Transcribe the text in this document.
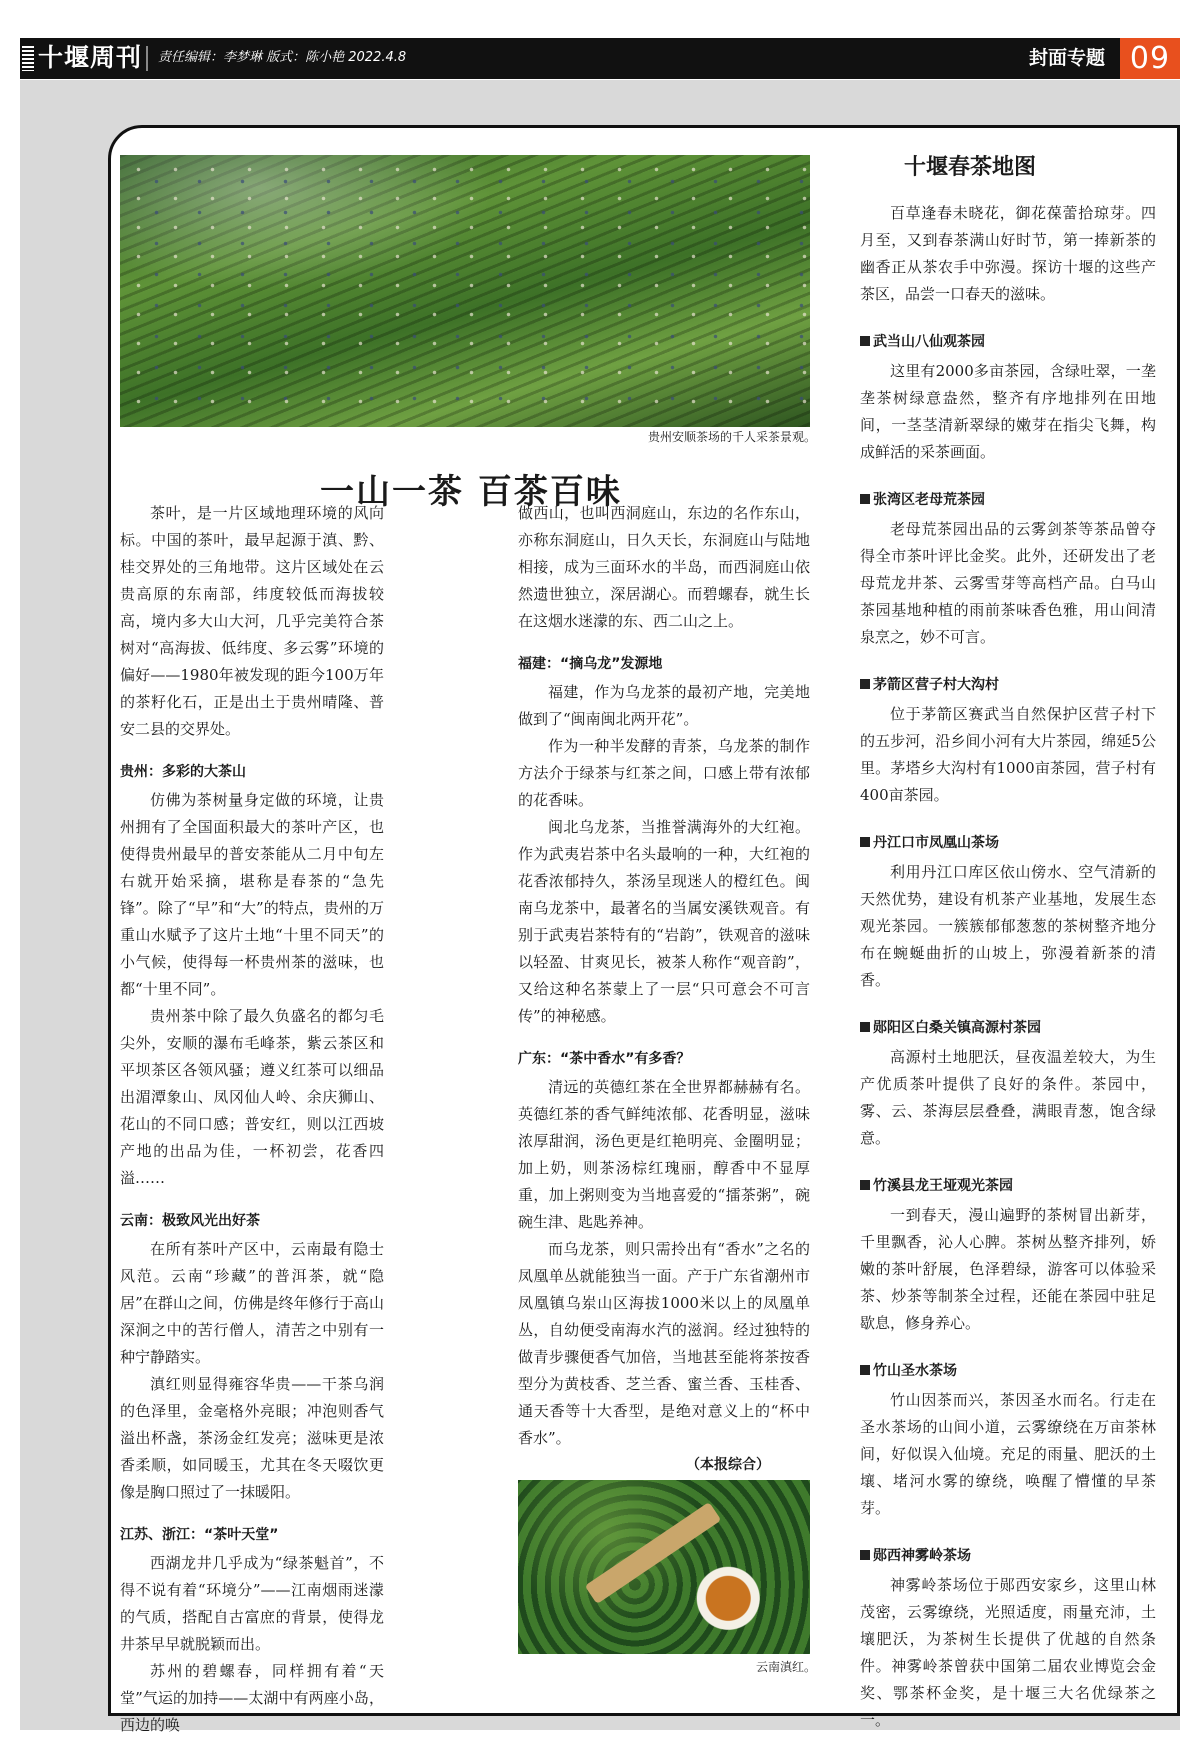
十堰周刊 责任编辑：李梦琳 版式：陈小艳 2022.4.8	封面专题 09
贵州安顺茶场的千人采茶景观。
一山一茶 百茶百味

茶叶，是一片区域地理环境的风向标。中国的茶叶，最早起源于滇、黔、桂交界处的三角地带。这片区域处在云贵高原的东南部，纬度较低而海拔较高，境内多大山大河，几乎完美符合茶树对“高海拔、低纬度、多云雾”环境的偏好——1980年被发现的距今100万年的茶籽化石，正是出土于贵州晴隆、普安二县的交界处。

贵州：多彩的大茶山

仿佛为茶树量身定做的环境，让贵州拥有了全国面积最大的茶叶产区，也使得贵州最早的普安茶能从二月中旬左右就开始采摘，堪称是春茶的“急先锋”。除了“早”和“大”的特点，贵州的万重山水赋予了这片土地“十里不同天”的小气候，使得每一杯贵州茶的滋味，也都“十里不同”。

贵州茶中除了最久负盛名的都匀毛尖外，安顺的瀑布毛峰茶，紫云茶区和平坝茶区各领风骚；遵义红茶可以细品出湄潭象山、凤冈仙人岭、余庆狮山、花山的不同口感；普安红，则以江西坡产地的出品为佳，一杯初尝，花香四溢……

云南：极致风光出好茶

在所有茶叶产区中，云南最有隐士风范。云南“珍藏”的普洱茶，就“隐居”在群山之间，仿佛是终年修行于高山深涧之中的苦行僧人，清苦之中别有一种宁静踏实。

滇红则显得雍容华贵——干茶乌润的色泽里，金毫格外亮眼；冲泡则香气溢出杯盏，茶汤金红发亮；滋味更是浓香柔顺，如同暖玉，尤其在冬天啜饮更像是胸口照过了一抹暖阳。

江苏、浙江：“茶叶天堂”

西湖龙井几乎成为“绿茶魁首”，不得不说有着“环境分”——江南烟雨迷濛的气质，搭配自古富庶的背景，使得龙井茶早早就脱颖而出。

苏州的碧螺春，同样拥有着“天堂”气运的加持——太湖中有两座小岛，西边的唤

做西山，也叫西洞庭山，东边的名作东山，亦称东洞庭山，日久天长，东洞庭山与陆地相接，成为三面环水的半岛，而西洞庭山依然遗世独立，深居湖心。而碧螺春，就生长在这烟水迷濛的东、西二山之上。

福建：“摘乌龙”发源地

福建，作为乌龙茶的最初产地，完美地做到了“闽南闽北两开花”。

作为一种半发酵的青茶，乌龙茶的制作方法介于绿茶与红茶之间，口感上带有浓郁的花香味。

闽北乌龙茶，当推誉满海外的大红袍。作为武夷岩茶中名头最响的一种，大红袍的花香浓郁持久，茶汤呈现迷人的橙红色。闽南乌龙茶中，最著名的当属安溪铁观音。有别于武夷岩茶特有的“岩韵”，铁观音的滋味以轻盈、甘爽见长，被茶人称作“观音韵”，又给这种名茶蒙上了一层“只可意会不可言传”的神秘感。

广东：“茶中香水”有多香？

清远的英德红茶在全世界都赫赫有名。英德红茶的香气鲜纯浓郁、花香明显，滋味浓厚甜润，汤色更是红艳明亮、金圈明显；加上奶，则茶汤棕红瑰丽，醇香中不显厚重，加上粥则变为当地喜爱的“擂茶粥”，碗碗生津、匙匙养神。

而乌龙茶，则只需拎出有“香水”之名的凤凰单丛就能独当一面。产于广东省潮州市凤凰镇乌岽山区海拔1000米以上的凤凰单丛，自幼便受南海水汽的滋润。经过独特的做青步骤便香气加倍，当地甚至能将茶按香型分为黄枝香、芝兰香、蜜兰香、玉桂香、通天香等十大香型，是绝对意义上的“杯中香水”。

（本报综合）
云南滇红。
十堰春茶地图

百草逢春未晓花，御花葆蕾拾琼芽。四月至，又到春茶满山好时节，第一捧新茶的幽香正从茶农手中弥漫。探访十堰的这些产茶区，品尝一口春天的滋味。

武当山八仙观茶园

这里有2000多亩茶园，含绿吐翠，一垄垄茶树绿意盎然，整齐有序地排列在田地间，一茎茎清新翠绿的嫩芽在指尖飞舞，构成鲜活的采茶画面。

张湾区老母荒茶园

老母荒茶园出品的云雾剑茶等茶品曾夺得全市茶叶评比金奖。此外，还研发出了老母荒龙井茶、云雾雪芽等高档产品。白马山茶园基地种植的雨前茶味香色雅，用山间清泉烹之，妙不可言。

茅箭区营子村大沟村

位于茅箭区赛武当自然保护区营子村下的五步河，沿乡间小河有大片茶园，绵延5公里。茅塔乡大沟村有1000亩茶园，营子村有400亩茶园。

丹江口市凤凰山茶场

利用丹江口库区依山傍水、空气清新的天然优势，建设有机茶产业基地，发展生态观光茶园。一簇簇郁郁葱葱的茶树整齐地分布在蜿蜒曲折的山坡上，弥漫着新茶的清香。

郧阳区白桑关镇高源村茶园

高源村土地肥沃，昼夜温差较大，为生产优质茶叶提供了良好的条件。茶园中，雾、云、茶海层层叠叠，满眼青葱，饱含绿意。

竹溪县龙王垭观光茶园

一到春天，漫山遍野的茶树冒出新芽，千里飘香，沁人心脾。茶树丛整齐排列，娇嫩的茶叶舒展，色泽碧绿，游客可以体验采茶、炒茶等制茶全过程，还能在茶园中驻足歇息，修身养心。

竹山圣水茶场

竹山因茶而兴，茶因圣水而名。行走在圣水茶场的山间小道，云雾缭绕在万亩茶林间，好似误入仙境。充足的雨量、肥沃的土壤、堵河水雾的缭绕，唤醒了懵懂的早茶芽。

郧西神雾岭茶场

神雾岭茶场位于郧西安家乡，这里山林茂密，云雾缭绕，光照适度，雨量充沛，土壤肥沃，为茶树生长提供了优越的自然条件。神雾岭茶曾获中国第二届农业博览会金奖、鄂茶杯金奖，是十堰三大名优绿茶之一。
